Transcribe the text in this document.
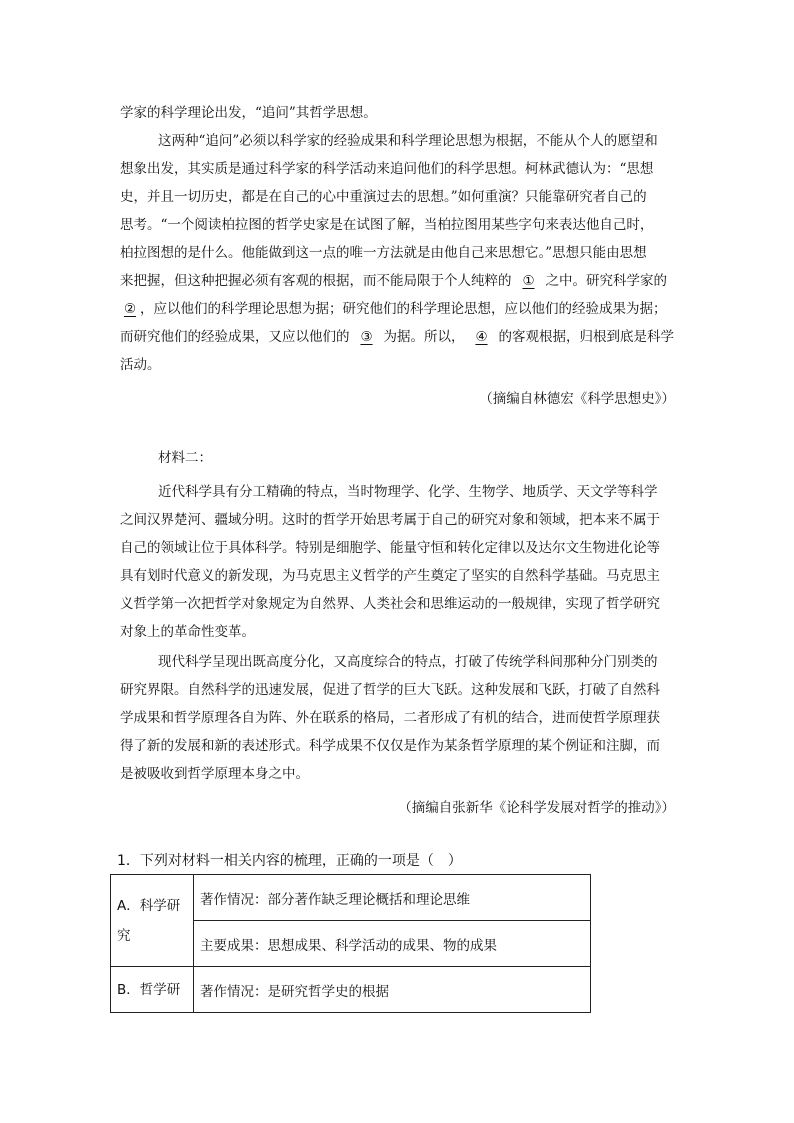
学家的科学理论出发，“追问”其哲学思想。
这两种“追问”必须以科学家的经验成果和科学理论思想为根据，不能从个人的愿望和
想象出发，其实质是通过科学家的科学活动来追问他们的科学思想。柯林武德认为：“思想
史，并且一切历史，都是在自己的心中重演过去的思想。”如何重演？只能靠研究者自己的
思考。“一个阅读柏拉图的哲学史家是在试图了解，当柏拉图用某些字句来表达他自己时，
柏拉图想的是什么。他能做到这一点的唯一方法就是由他自己来思想它。”思想只能由思想
来把握，但这种把握必须有客观的根据，而不能局限于个人纯粹的 ① 之中。研究科学家的
② ，应以他们的科学理论思想为据；研究他们的科学理论思想，应以他们的经验成果为据；
而研究他们的经验成果，又应以他们的 ③ 为据。所以， ④ 的客观根据，归根到底是科学
活动。
（摘编自林德宏《科学思想史》）
材料二：
近代科学具有分工精确的特点，当时物理学、化学、生物学、地质学、天文学等科学
之间汉界楚河、疆域分明。这时的哲学开始思考属于自己的研究对象和领域，把本来不属于
自己的领域让位于具体科学。特别是细胞学、能量守恒和转化定律以及达尔文生物进化论等
具有划时代意义的新发现，为马克思主义哲学的产生奠定了坚实的自然科学基础。马克思主
义哲学第一次把哲学对象规定为自然界、人类社会和思维运动的一般规律，实现了哲学研究
对象上的革命性变革。
现代科学呈现出既高度分化，又高度综合的特点，打破了传统学科间那种分门别类的
研究界限。自然科学的迅速发展，促进了哲学的巨大飞跃。这种发展和飞跃，打破了自然科
学成果和哲学原理各自为阵、外在联系的格局，二者形成了有机的结合，进而使哲学原理获
得了新的发展和新的表述形式。科学成果不仅仅是作为某条哲学原理的某个例证和注脚，而
是被吸收到哲学原理本身之中。
（摘编自张新华《论科学发展对哲学的推动》）
1．下列对材料一相关内容的梳理，正确的一项是（　）
A．科学研究	著作情况：部分著作缺乏理论概括和理论思维
	主要成果：思想成果、科学活动的成果、物的成果
B．哲学研	著作情况：是研究哲学史的根据
